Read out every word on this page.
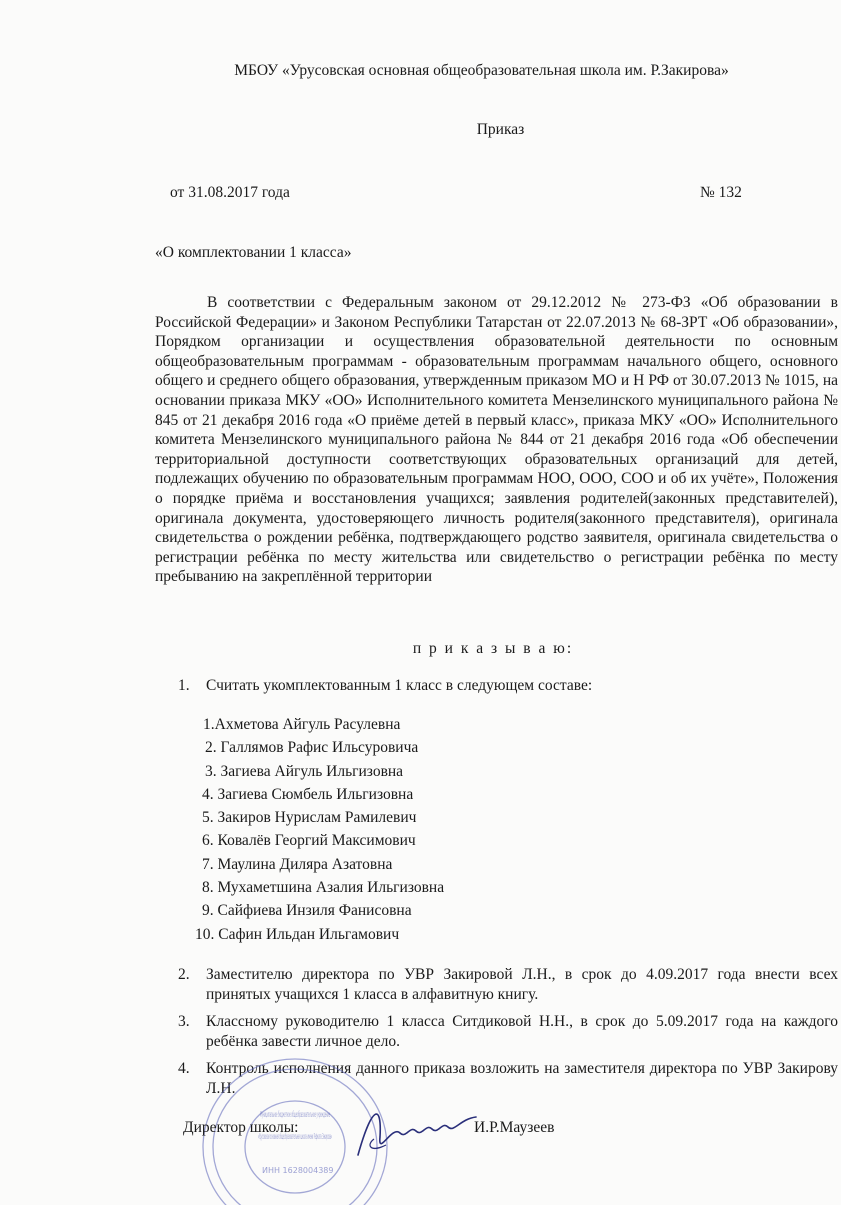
МБОУ «Урусовская основная общеобразовательная школа им. Р.Закирова»
Приказ
от 31.08.2017 года	№ 132
«О комплектовании 1 класса»

В соответствии с Федеральным законом от 29.12.2012 № 273-ФЗ «Об образовании в Российской Федерации» и Законом Республики Татарстан от 22.07.2013 № 68-ЗРТ «Об образовании», Порядком организации и осуществления образовательной деятельности по основным общеобразовательным программам - образовательным программам начального общего, основного общего и среднего общего образования, утвержденным приказом МО и Н РФ от 30.07.2013 № 1015, на основании приказа МКУ «ОО» Исполнительного комитета Мензелинского муниципального района № 845 от 21 декабря 2016 года «О приёме детей в первый класс», приказа МКУ «ОО» Исполнительного комитета Мензелинского муниципального района № 844 от 21 декабря 2016 года «Об обеспечении территориальной доступности соответствующих образовательных организаций для детей, подлежащих обучению по образовательным программам НОО, ООО, СОО и об их учёте», Положения о порядке приёма и восстановления учащихся; заявления родителей(законных представителей), оригинала документа, удостоверяющего личность родителя(законного представителя), оригинала свидетельства о рождении ребёнка, подтверждающего родство заявителя, оригинала свидетельства о регистрации ребёнка по месту жительства или свидетельство о регистрации ребёнка по месту пребыванию на закреплённой территории

п р и к а з ы в а ю:
1. Считать укомплектованным 1 класс в следующем составе:
1.Ахметова Айгуль Расулевна
2. Галлямов Рафис Ильсуровича
3. Загиева Айгуль Ильгизовна
4. Загиева Сюмбель Ильгизовна
5. Закиров Нурислам Рамилевич
6. Ковалёв Георгий Максимович
7. Маулина Диляра Азатовна
8. Мухаметшина Азалия Ильгизовна
9. Сайфиева Инзиля Фанисовна
10. Сафин Ильдан Ильгамович
2. Заместителю директора по УВР Закировой Л.Н., в срок до 4.09.2017 года внести всех принятых учащихся 1 класса в алфавитную книгу.
3. Классному руководителю 1 класса Ситдиковой Н.Н., в срок до 5.09.2017 года на каждого ребёнка завести личное дело.
4. Контроль исполнения данного приказа возложить на заместителя директора по УВР Закирову Л.Н.
Муниципальное бюджетное общеобразовательное учреждение
«Урусовская основная общеобразовательная школа имени Рафката Закирова»
ИНН 1628004389
Директор школы:	И.Р.Маузеев
